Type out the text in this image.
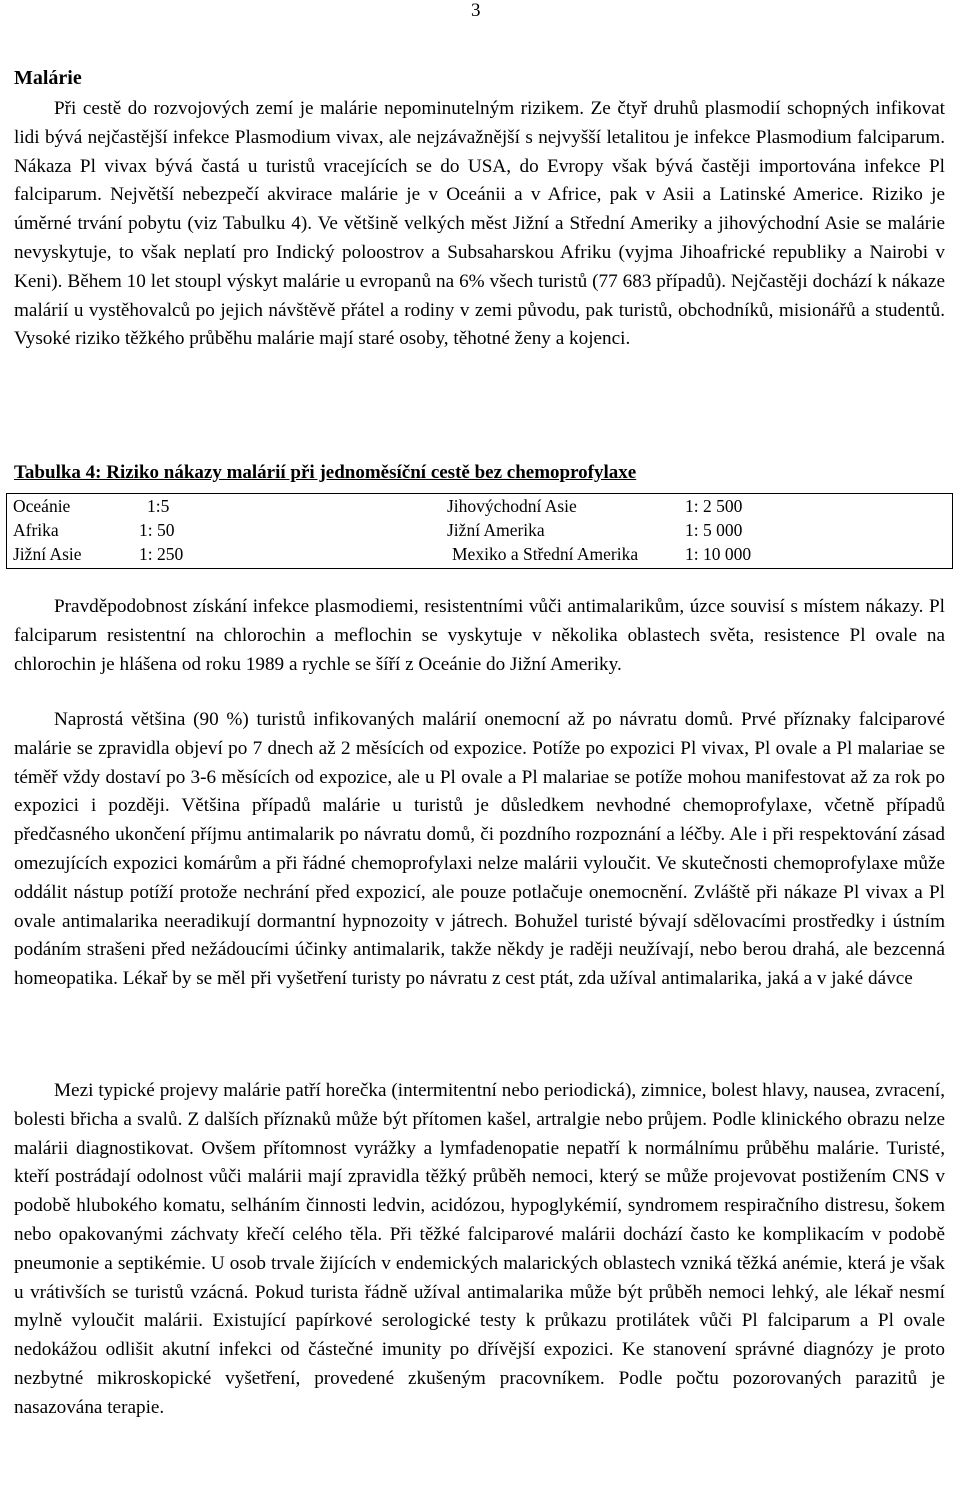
3
Malárie

Při cestě do rozvojových zemí je malárie nepominutelným rizikem. Ze čtyř druhů plasmodií schopných infikovat lidi bývá nejčastější infekce Plasmodium vivax, ale nejzávažnější s nejvyšší letalitou je infekce Plasmodium falciparum. Nákaza Pl vivax bývá častá u turistů vracejících se do USA, do Evropy však bývá častěji importována infekce Pl falciparum. Největší nebezpečí akvirace malárie je v Oceánii a v Africe, pak v Asii a Latinské Americe. Riziko je úměrné trvání pobytu (viz Tabulku 4). Ve většině velkých měst Jižní a Střední Ameriky a jihovýchodní Asie se malárie nevyskytuje, to však neplatí pro Indický poloostrov a Subsaharskou Afriku (vyjma Jihoafrické republiky a Nairobi v Keni). Během 10 let stoupl výskyt malárie u evropanů na 6% všech turistů (77 683 případů). Nejčastěji dochází k nákaze malárií u vystěhovalců po jejich návštěvě přátel a rodiny v zemi původu, pak turistů, obchodníků, misionářů a studentů. Vysoké riziko těžkého průběhu malárie mají staré osoby, těhotné ženy a kojenci.

Tabulka 4: Riziko nákazy malárií při jednoměsíční cestě bez chemoprofylaxe
Oceánie	1:5	Jihovýchodní Asie	1: 2 500
Afrika	1: 50	Jižní Amerika	1: 5 000
Jižní Asie	1: 250	Mexiko a Střední Amerika	1: 10 000

Pravděpodobnost získání infekce plasmodiemi, resistentními vůči antimalarikům, úzce souvisí s místem nákazy. Pl falciparum resistentní na chlorochin a meflochin se vyskytuje v několika oblastech světa, resistence Pl ovale na chlorochin je hlášena od roku 1989 a rychle se šíří z Oceánie do Jižní Ameriky.

Naprostá většina (90 %) turistů infikovaných malárií onemocní až po návratu domů. Prvé příznaky falciparové malárie se zpravidla objeví po 7 dnech až 2 měsících od expozice. Potíže po expozici Pl vivax, Pl ovale a Pl malariae se téměř vždy dostaví po 3-6 měsících od expozice, ale u Pl ovale a Pl malariae se potíže mohou manifestovat až za rok po expozici i později. Většina případů malárie u turistů je důsledkem nevhodné chemoprofylaxe, včetně případů předčasného ukončení příjmu antimalarik po návratu domů, či pozdního rozpoznání a léčby. Ale i při respektování zásad omezujících expozici komárům a při řádné chemoprofylaxi nelze malárii vyloučit. Ve skutečnosti chemoprofylaxe může oddálit nástup potíží protože nechrání před expozicí, ale pouze potlačuje onemocnění. Zvláště při nákaze Pl vivax a Pl ovale antimalarika neeradikují dormantní hypnozoity v játrech. Bohužel turisté bývají sdělovacími prostředky i ústním podáním strašeni před nežádoucími účinky antimalarik, takže někdy je raději neužívají, nebo berou drahá, ale bezcenná homeopatika. Lékař by se měl při vyšetření turisty po návratu z cest ptát, zda užíval antimalarika, jaká a v jaké dávce

Mezi typické projevy malárie patří horečka (intermitentní nebo periodická), zimnice, bolest hlavy, nausea, zvracení, bolesti břicha a svalů. Z dalších příznaků může být přítomen kašel, artralgie nebo průjem. Podle klinického obrazu nelze malárii diagnostikovat. Ovšem přítomnost vyrážky a lymfadenopatie nepatří k normálnímu průběhu malárie. Turisté, kteří postrádají odolnost vůči malárii mají zpravidla těžký průběh nemoci, který se může projevovat postižením CNS v podobě hlubokého komatu, selháním činnosti ledvin, acidózou, hypoglykémií, syndromem respiračního distresu, šokem nebo opakovanými záchvaty křečí celého těla. Při těžké falciparové malárii dochází často ke komplikacím v podobě pneumonie a septikémie. U osob trvale žijících v endemických malarických oblastech vzniká těžká anémie, která je však u vrátivších se turistů vzácná. Pokud turista řádně užíval antimalarika může být průběh nemoci lehký, ale lékař nesmí mylně vyloučit malárii. Existující papírkové serologické testy k průkazu protilátek vůči Pl falciparum a Pl ovale nedokážou odlišit akutní infekci od částečné imunity po dřívější expozici. Ke stanovení správné diagnózy je proto nezbytné mikroskopické vyšetření, provedené zkušeným pracovníkem. Podle počtu pozorovaných parazitů je nasazována terapie.
